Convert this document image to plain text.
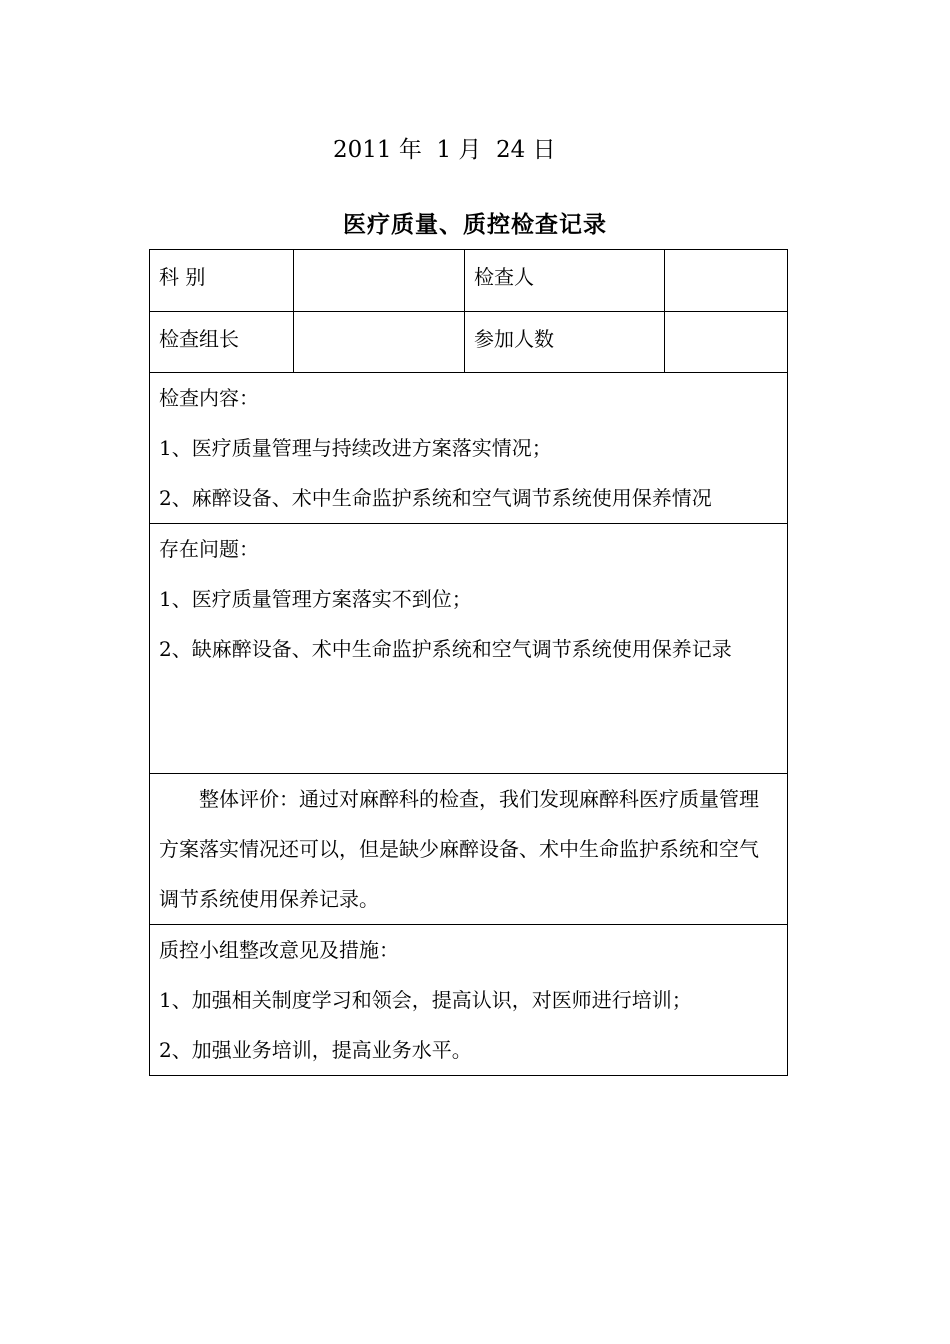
2011 年  1 月  24 日
医疗质量、质控检查记录
科 别		检查人	
检查组长		参加人数	

检查内容：

1、医疗质量管理与持续改进方案落实情况；

2、麻醉设备、术中生命监护系统和空气调节系统使用保养情况			

存在问题：

1、医疗质量管理方案落实不到位；

2、缺麻醉设备、术中生命监护系统和空气调节系统使用保养记录			

整体评价：通过对麻醉科的检查，我们发现麻醉科医疗质量管理方案落实情况还可以，但是缺少麻醉设备、术中生命监护系统和空气调节系统使用保养记录。			

质控小组整改意见及措施：

1、加强相关制度学习和领会，提高认识，对医师进行培训；

2、加强业务培训，提高业务水平。			
